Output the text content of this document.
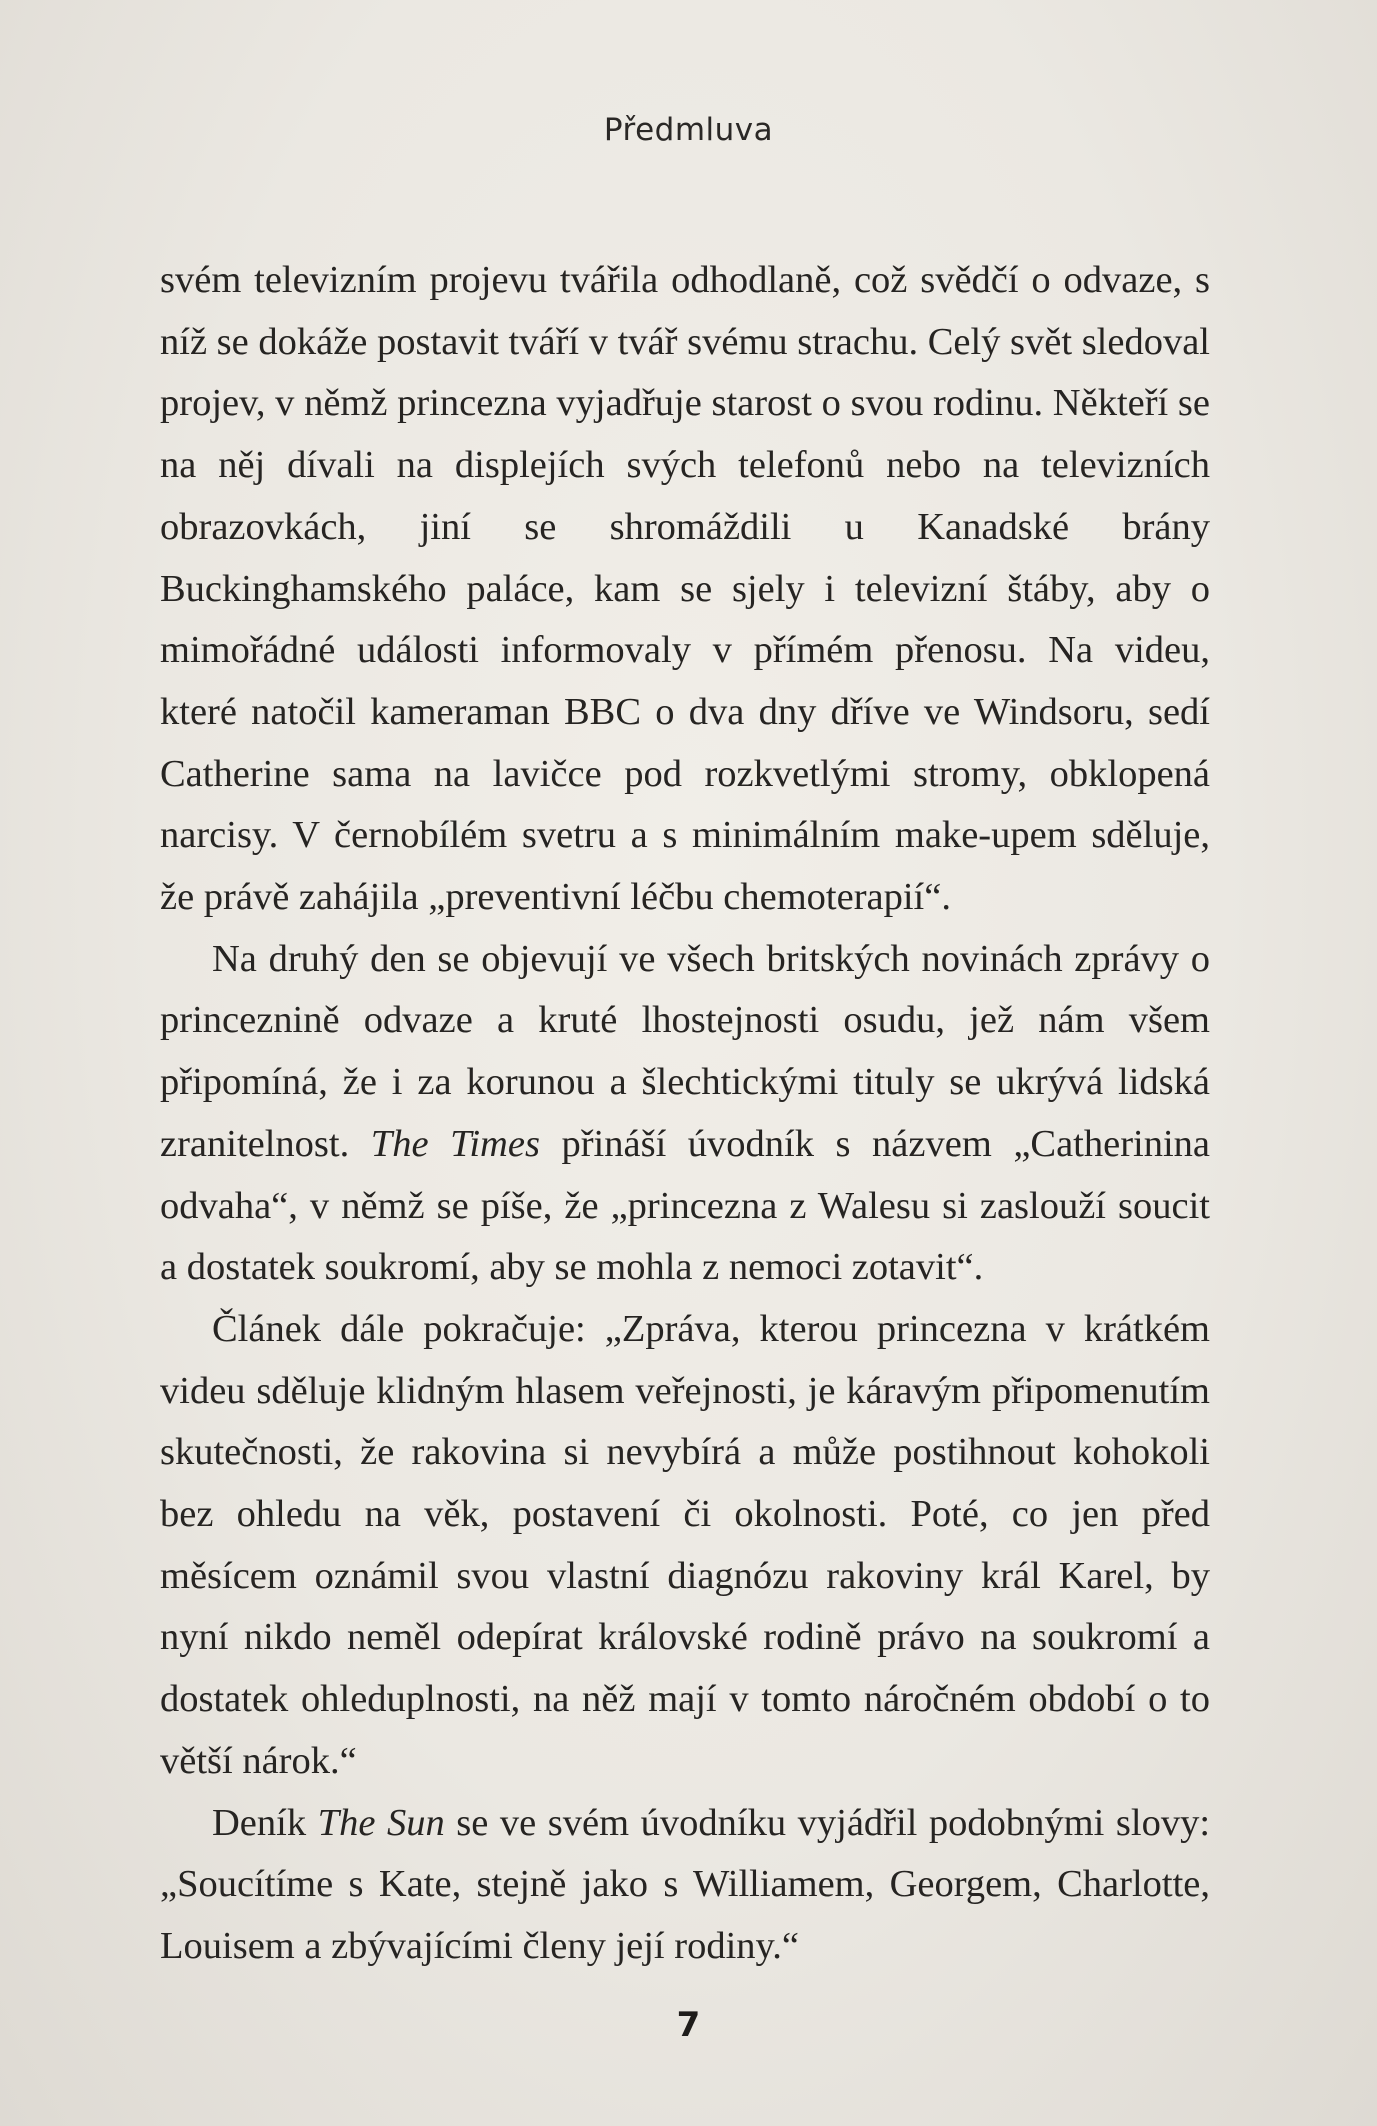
Předmluva

svém televizním projevu tvářila odhodlaně, což svědčí o odvaze, s níž se dokáže postavit tváří v tvář svému strachu. Celý svět sledoval projev, v němž princezna vyjadřuje starost o svou rodinu. Někteří se na něj dívali na displejích svých telefonů nebo na televizních obrazovkách, jiní se shromáždili u Kanadské brány Buckinghamského paláce, kam se sjely i televizní štáby, aby o mimořádné události informovaly v přímém přenosu. Na videu, které natočil kameraman BBC o dva dny dříve ve Windsoru, sedí Catherine sama na lavičce pod rozkvetlými stromy, obklopená narcisy. V černobílém svetru a s minimálním make-upem sděluje, že právě zahájila „preventivní léčbu chemoterapií“.

Na druhý den se objevují ve všech britských novinách zprávy o princeznině odvaze a kruté lhostejnosti osudu, jež nám všem připomíná, že i za korunou a šlechtickými tituly se ukrývá lidská zranitelnost. The Times přináší úvodník s názvem „Catherinina odvaha“, v němž se píše, že „princezna z Walesu si zaslouží soucit a dostatek soukromí, aby se mohla z nemoci zotavit“.

Článek dále pokračuje: „Zpráva, kterou princezna v krátkém videu sděluje klidným hlasem veřejnosti, je káravým připomenutím skutečnosti, že rakovina si nevybírá a může postihnout kohokoli bez ohledu na věk, postavení či okolnosti. Poté, co jen před měsícem oznámil svou vlastní diagnózu rakoviny král Karel, by nyní nikdo neměl odepírat královské rodině právo na soukromí a dostatek ohleduplnosti, na něž mají v tomto náročném období o to větší nárok.“

Deník The Sun se ve svém úvodníku vyjádřil podobnými slovy: „Soucítíme s Kate, stejně jako s Williamem, Georgem, Charlotte, Louisem a zbývajícími členy její rodiny.“

7
